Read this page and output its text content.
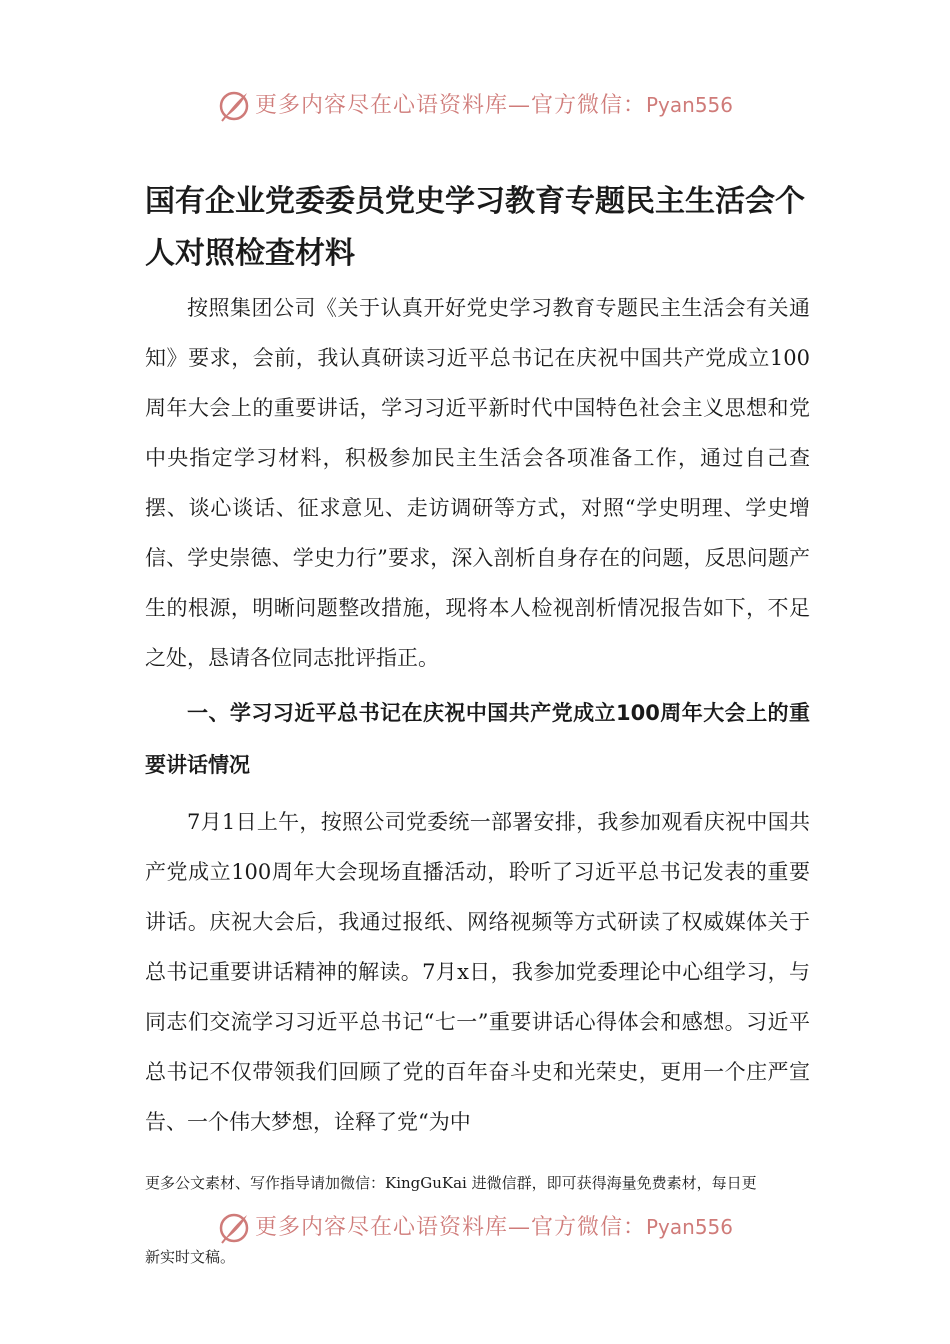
更多内容尽在心语资料库—官方微信：Pyan556
国有企业党委委员党史学习教育专题民主生活会个人对照检查材料

按照集团公司《关于认真开好党史学习教育专题民主生活会有关通知》要求，会前，我认真研读习近平总书记在庆祝中国共产党成立100周年大会上的重要讲话，学习习近平新时代中国特色社会主义思想和党中央指定学习材料，积极参加民主生活会各项准备工作，通过自己查摆、谈心谈话、征求意见、走访调研等方式，对照“学史明理、学史增信、学史崇德、学史力行”要求，深入剖析自身存在的问题，反思问题产生的根源，明晰问题整改措施，现将本人检视剖析情况报告如下，不足之处，恳请各位同志批评指正。

一、学习习近平总书记在庆祝中国共产党成立100周年大会上的重要讲话情况

7月1日上午，按照公司党委统一部署安排，我参加观看庆祝中国共产党成立100周年大会现场直播活动，聆听了习近平总书记发表的重要讲话。庆祝大会后，我通过报纸、网络视频等方式研读了权威媒体关于总书记重要讲话精神的解读。7月x日，我参加党委理论中心组学习，与同志们交流学习习近平总书记“七一”重要讲话心得体会和感想。习近平总书记不仅带领我们回顾了党的百年奋斗史和光荣史，更用一个庄严宣告、一个伟大梦想，诠释了党“为中

更多公文素材、写作指导请加微信：KingGuKai 进微信群，即可获得海量免费素材，每日更
更多内容尽在心语资料库—官方微信：Pyan556
新实时文稿。
